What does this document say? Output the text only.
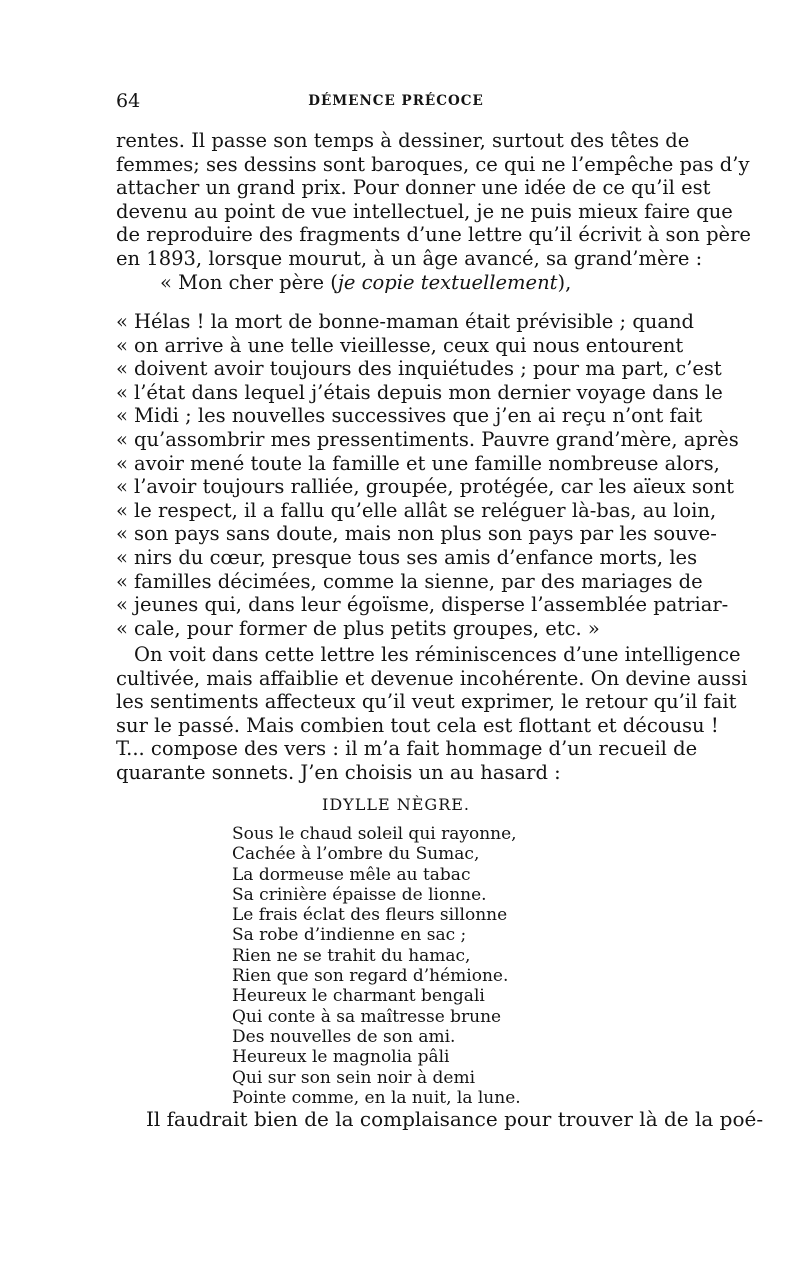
64	DÉMENCE PRÉCOCE
rentes. Il passe son temps à dessiner, surtout des têtes de
femmes; ses dessins sont baroques, ce qui ne l’empêche pas d’y
attacher un grand prix. Pour donner une idée de ce qu’il est
devenu au point de vue intellectuel, je ne puis mieux faire que
de reproduire des fragments d’une lettre qu’il écrivit à son père
en 1893, lorsque mourut, à un âge avancé, sa grand’mère :
« Mon cher père (je copie textuellement),
« Hélas ! la mort de bonne-maman était prévisible ; quand
« on arrive à une telle vieillesse, ceux qui nous entourent
« doivent avoir toujours des inquiétudes ; pour ma part, c’est
« l’état dans lequel j’étais depuis mon dernier voyage dans le
« Midi ; les nouvelles successives que j’en ai reçu n’ont fait
« qu’assombrir mes pressentiments. Pauvre grand’mère, après
« avoir mené toute la famille et une famille nombreuse alors,
« l’avoir toujours ralliée, groupée, protégée, car les aïeux sont
« le respect, il a fallu qu’elle allât se reléguer là-bas, au loin,
« son pays sans doute, mais non plus son pays par les souve-
« nirs du cœur, presque tous ses amis d’enfance morts, les
« familles décimées, comme la sienne, par des mariages de
« jeunes qui, dans leur égoïsme, disperse l’assemblée patriar-
« cale, pour former de plus petits groupes, etc. »
On voit dans cette lettre les réminiscences d’une intelligence
cultivée, mais affaiblie et devenue incohérente. On devine aussi
les sentiments affecteux qu’il veut exprimer, le retour qu’il fait
sur le passé. Mais combien tout cela est flottant et décousu !
T... compose des vers : il m’a fait hommage d’un recueil de
quarante sonnets. J’en choisis un au hasard :
IDYLLE NÈGRE.
Sous le chaud soleil qui rayonne,
Cachée à l’ombre du Sumac,
La dormeuse mêle au tabac
Sa crinière épaisse de lionne.
Le frais éclat des fleurs sillonne
Sa robe d’indienne en sac ;
Rien ne se trahit du hamac,
Rien que son regard d’hémione.
Heureux le charmant bengali
Qui conte à sa maîtresse brune
Des nouvelles de son ami.
Heureux le magnolia pâli
Qui sur son sein noir à demi
Pointe comme, en la nuit, la lune.
Il faudrait bien de la complaisance pour trouver là de la poé-
